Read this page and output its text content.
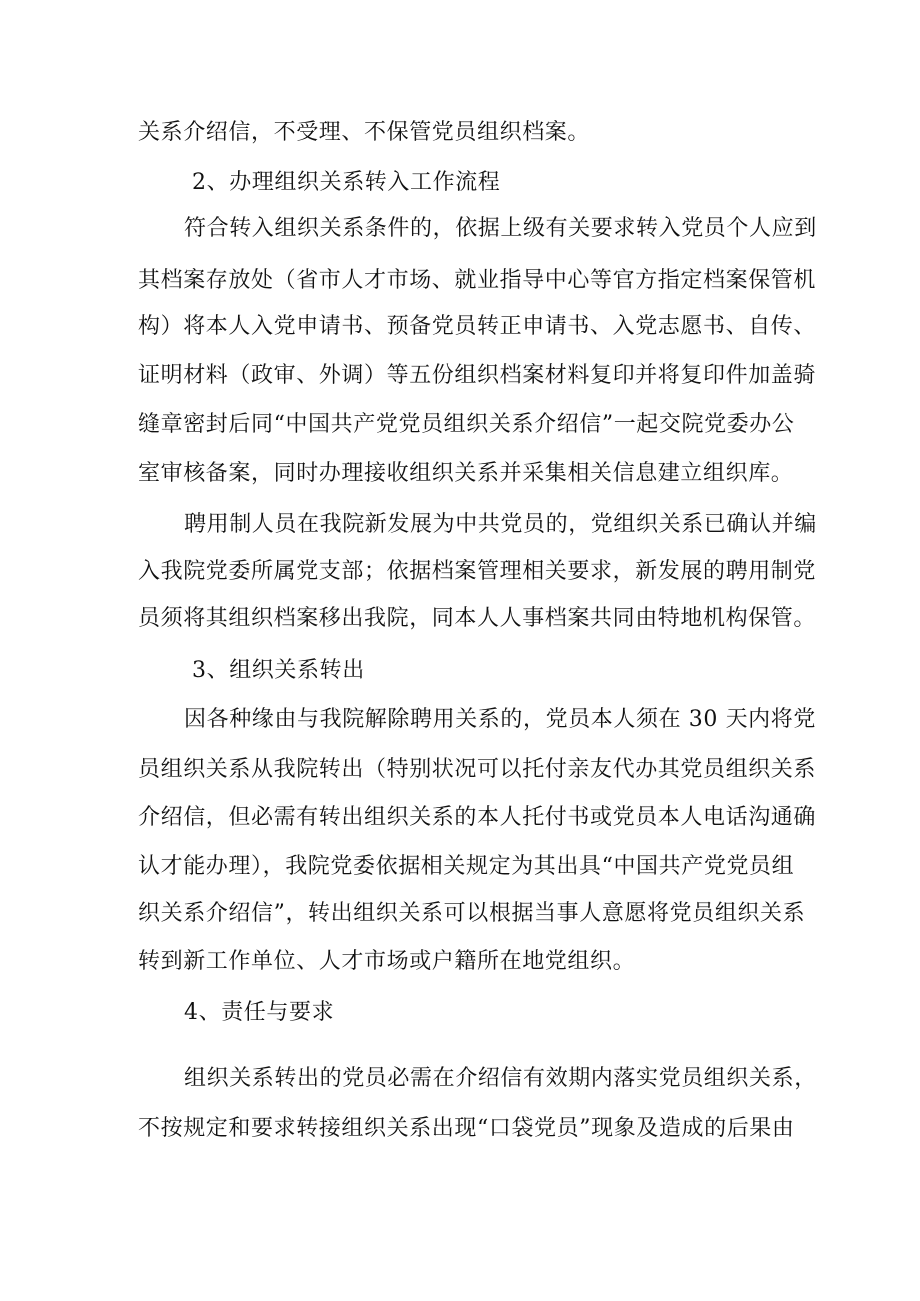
关系介绍信，不受理、不保管党员组织档案。
2、办理组织关系转入工作流程
符合转入组织关系条件的，依据上级有关要求转入党员个人应到
其档案存放处（省市人才市场、就业指导中心等官方指定档案保管机
构）将本人入党申请书、预备党员转正申请书、入党志愿书、自传、
证明材料（政审、外调）等五份组织档案材料复印并将复印件加盖骑
缝章密封后同“中国共产党党员组织关系介绍信”一起交院党委办公
室审核备案，同时办理接收组织关系并采集相关信息建立组织库。
聘用制人员在我院新发展为中共党员的，党组织关系已确认并编
入我院党委所属党支部；依据档案管理相关要求，新发展的聘用制党
员须将其组织档案移出我院，同本人人事档案共同由特地机构保管。
3、组织关系转出
因各种缘由与我院解除聘用关系的，党员本人须在 30 天内将党
员组织关系从我院转出（特别状况可以托付亲友代办其党员组织关系
介绍信，但必需有转出组织关系的本人托付书或党员本人电话沟通确
认才能办理），我院党委依据相关规定为其出具“中国共产党党员组
织关系介绍信”，转出组织关系可以根据当事人意愿将党员组织关系
转到新工作单位、人才市场或户籍所在地党组织。
4、责任与要求
组织关系转出的党员必需在介绍信有效期内落实党员组织关系，
不按规定和要求转接组织关系出现“口袋党员”现象及造成的后果由
